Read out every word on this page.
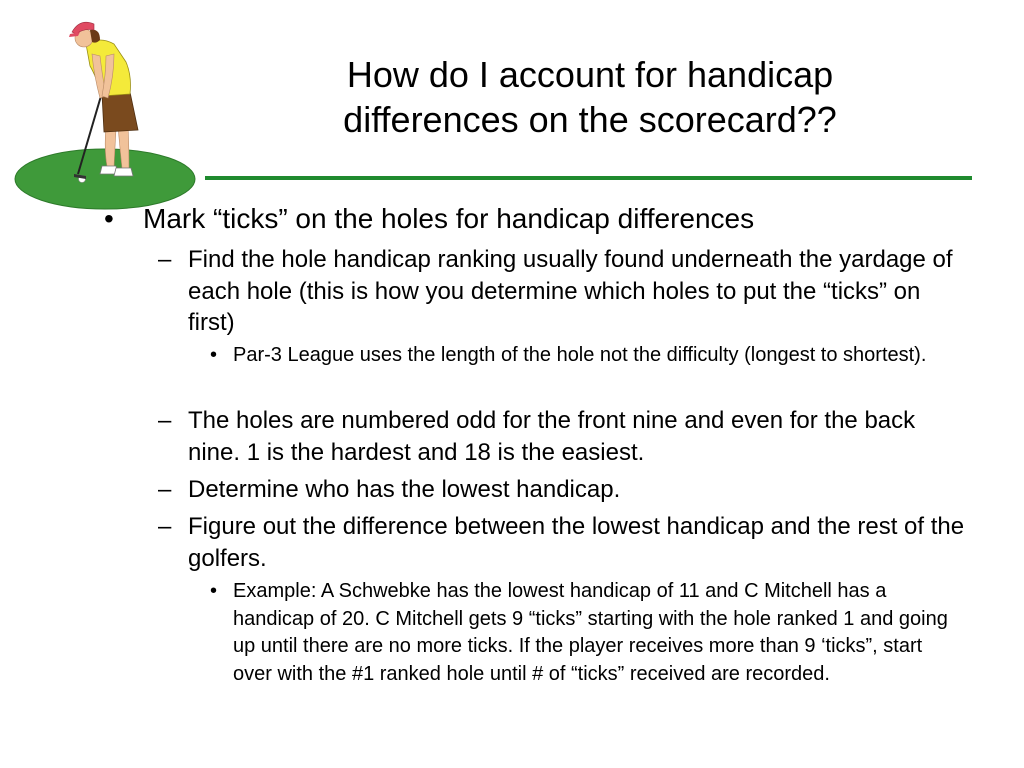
How do I account for handicap
differences on the scorecard??
• Mark “ticks” on the holes for handicap differences

– Find the hole handicap ranking usually found underneath the yardage of each hole (this is how you determine which holes to put the “ticks” on first)

• Par-3 League uses the length of the hole not the difficulty (longest to shortest).

– The holes are numbered odd for the front nine and even for the back nine. 1 is the hardest and 18 is the easiest.

– Determine who has the lowest handicap.

– Figure out the difference between the lowest handicap and the rest of the golfers.

• Example: A Schwebke has the lowest handicap of 11 and C Mitchell has a handicap of 20. C Mitchell gets 9 “ticks” starting with the hole ranked 1 and going up until there are no more ticks. If the player receives more than 9 ‘ticks”, start over with the #1 ranked hole until # of “ticks” received are recorded.
